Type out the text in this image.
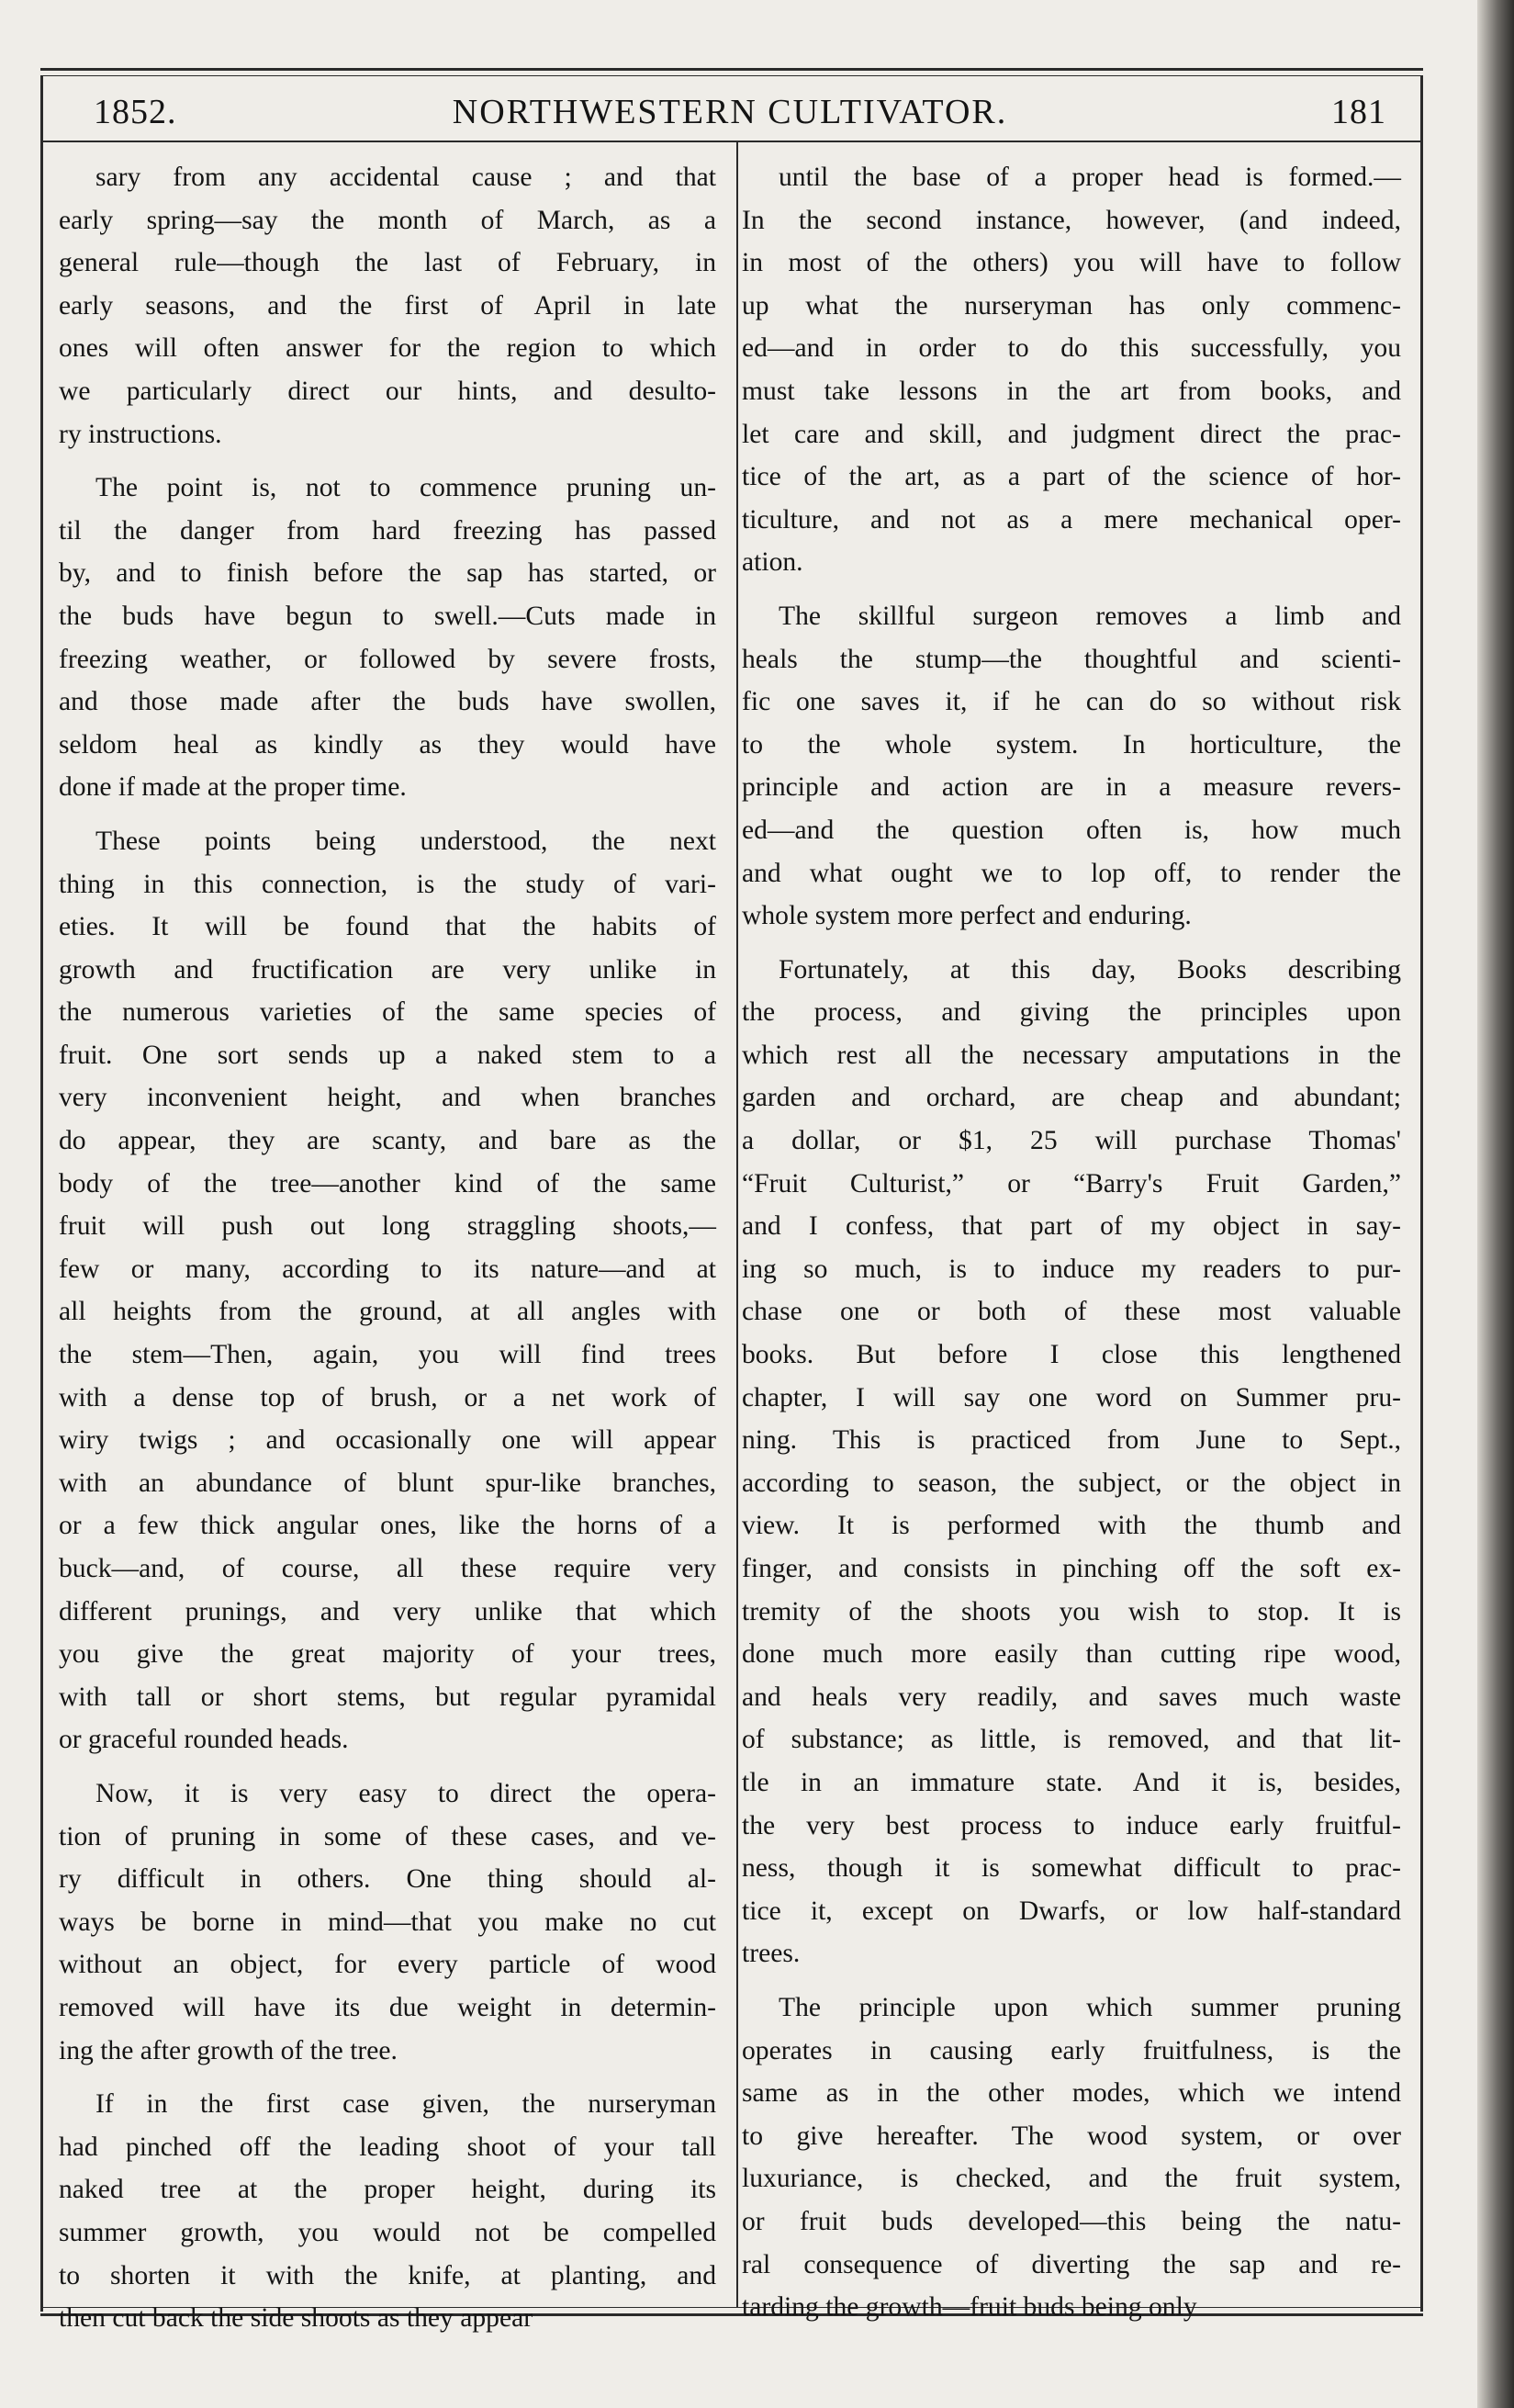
1852.	NORTHWESTERN CULTIVATOR.	181
sary from any accidental cause ; and that
early spring—say the month of March, as a
general rule—though the last of February, in
early seasons, and the first of April in late
ones will often answer for the region to which
we particularly direct our hints, and desulto-
ry instructions.
The point is, not to commence pruning un-
til the danger from hard freezing has passed
by, and to finish before the sap has started, or
the buds have begun to swell.—Cuts made in
freezing weather, or followed by severe frosts,
and those made after the buds have swollen,
seldom heal as kindly as they would have
done if made at the proper time.
These points being understood, the next
thing in this connection, is the study of vari-
eties. It will be found that the habits of
growth and fructification are very unlike in
the numerous varieties of the same species of
fruit. One sort sends up a naked stem to a
very inconvenient height, and when branches
do appear, they are scanty, and bare as the
body of the tree—another kind of the same
fruit will push out long straggling shoots,—
few or many, according to its nature—and at
all heights from the ground, at all angles with
the stem—Then, again, you will find trees
with a dense top of brush, or a net work of
wiry twigs ; and occasionally one will appear
with an abundance of blunt spur-like branches,
or a few thick angular ones, like the horns of a
buck—and, of course, all these require very
different prunings, and very unlike that which
you give the great majority of your trees,
with tall or short stems, but regular pyramidal
or graceful rounded heads.
Now, it is very easy to direct the opera-
tion of pruning in some of these cases, and ve-
ry difficult in others. One thing should al-
ways be borne in mind—that you make no cut
without an object, for every particle of wood
removed will have its due weight in determin-
ing the after growth of the tree.
If in the first case given, the nurseryman
had pinched off the leading shoot of your tall
naked tree at the proper height, during its
summer growth, you would not be compelled
to shorten it with the knife, at planting, and
then cut back the side shoots as they appear
until the base of a proper head is formed.—
In the second instance, however, (and indeed,
in most of the others) you will have to follow
up what the nurseryman has only commenc-
ed—and in order to do this successfully, you
must take lessons in the art from books, and
let care and skill, and judgment direct the prac-
tice of the art, as a part of the science of hor-
ticulture, and not as a mere mechanical oper-
ation.
The skillful surgeon removes a limb and
heals the stump—the thoughtful and scienti-
fic one saves it, if he can do so without risk
to the whole system. In horticulture, the
principle and action are in a measure revers-
ed—and the question often is, how much
and what ought we to lop off, to render the
whole system more perfect and enduring.
Fortunately, at this day, Books describing
the process, and giving the principles upon
which rest all the necessary amputations in the
garden and orchard, are cheap and abundant;
a dollar, or $1, 25 will purchase Thomas'
“Fruit Culturist,” or “Barry's Fruit Garden,”
and I confess, that part of my object in say-
ing so much, is to induce my readers to pur-
chase one or both of these most valuable
books. But before I close this lengthened
chapter, I will say one word on Summer pru-
ning. This is practiced from June to Sept.,
according to season, the subject, or the object in
view. It is performed with the thumb and
finger, and consists in pinching off the soft ex-
tremity of the shoots you wish to stop. It is
done much more easily than cutting ripe wood,
and heals very readily, and saves much waste
of substance; as little, is removed, and that lit-
tle in an immature state. And it is, besides,
the very best process to induce early fruitful-
ness, though it is somewhat difficult to prac-
tice it, except on Dwarfs, or low half-standard
trees.
The principle upon which summer pruning
operates in causing early fruitfulness, is the
same as in the other modes, which we intend
to give hereafter. The wood system, or over
luxuriance, is checked, and the fruit system,
or fruit buds developed—this being the natu-
ral consequence of diverting the sap and re-
tarding the growth—fruit buds being only
